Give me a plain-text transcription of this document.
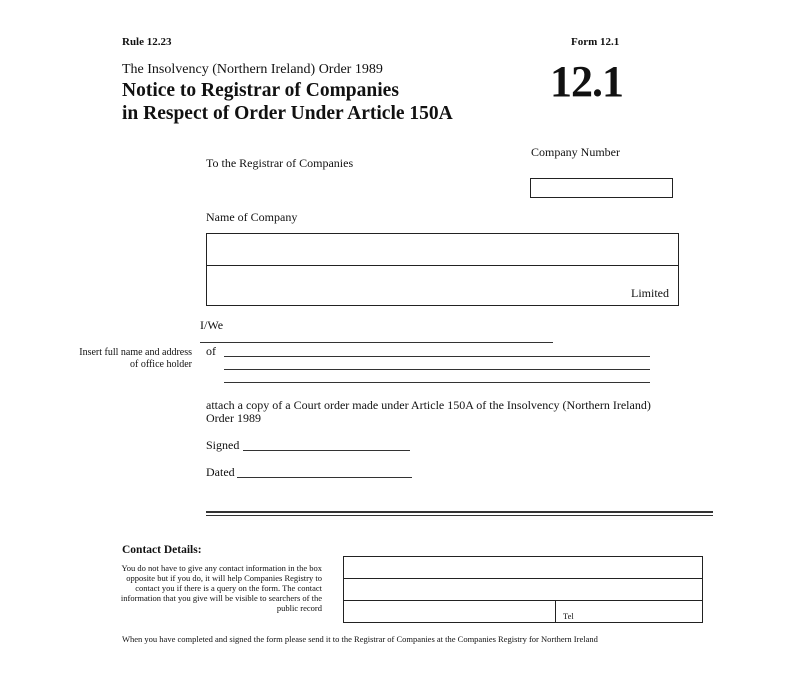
Rule 12.23	Form 12.1
The Insolvency (Northern Ireland) Order 1989
Notice to Registrar of Companies
in Respect of Order Under Article 150A
12.1
Company Number
To the Registrar of Companies
Name of Company
Limited
I/We
Insert full name and address of office holder
of
attach a copy of a Court order made under Article 150A of the Insolvency (Northern Ireland) Order 1989
Signed
Dated
Contact Details:
You do not have to give any contact information in the box opposite but if you do, it will help Companies Registry to contact you if there is a query on the form. The contact information that you give will be visible to searchers of the public record
Tel
When you have completed and signed the form please send it to the Registrar of Companies at the Companies Registry for Northern Ireland
